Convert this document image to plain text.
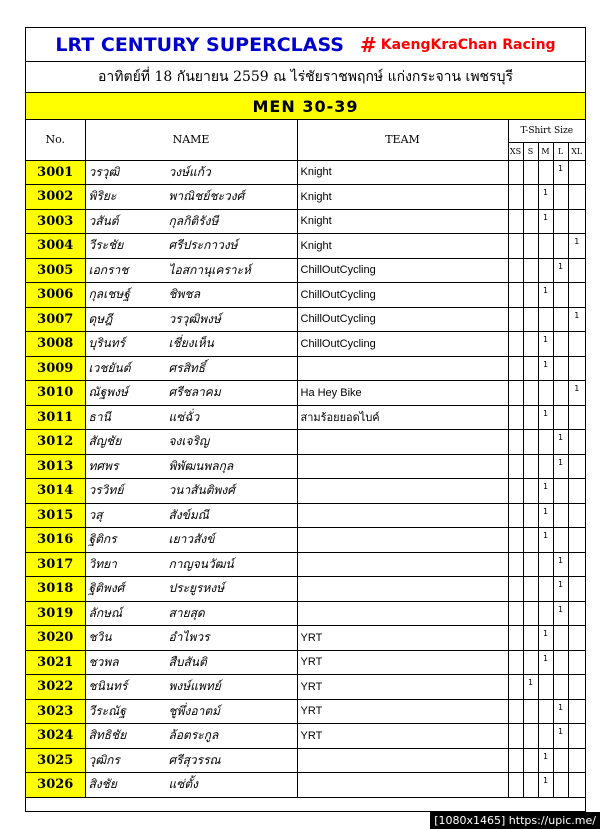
LRT CENTURY SUPERCLASS # KaengKraChan Racing
อาทิตย์ที่ 18 กันยายน 2559 ณ ไร่ชัยราชพฤกษ์ แก่งกระจาน เพชรบุรี
MEN 30-39
No.	NAME	TEAM	T-Shirt Size				
			XS	S	M	L	XL
3001	วรวุฒิ วงษ์แก้ว	Knight				1	
3002	พิริยะ พาณิชย์ชะวงศ์	Knight			1		
3003	วสันต์ กุลกิติรังษี	Knight			1		
3004	วีระชัย ศรีประกาวงษ์	Knight					1
3005	เอกราช ไอสกานุเคราะห์	ChillOutCycling				1	
3006	กุลเชษฐ์ ชิพชล	ChillOutCycling			1		
3007	ดุษฎี วรวุฒิพงษ์	ChillOutCycling					1
3008	บุรินทร์ เชี่ยงเห็น	ChillOutCycling			1		
3009	เวชยันต์ ศรสิทธิ์				1		
3010	ณัฐพงษ์ ศรีชลาคม	Ha Hey Bike					1
3011	ธานี แซ่ฉั่ว	สามร้อยยอดไบค์			1		
3012	สัญชัย จงเจริญ					1	
3013	ทศพร พิพัฒนพลกุล					1	
3014	วรวิทย์ วนาสันติพงศ์				1		
3015	วสุ สังข์มณี				1		
3016	ฐิติกร เยาวสังข์				1		
3017	วิทยา กาญจนวัฒน์					1	
3018	ฐิติพงศ์ ประยูรหงษ์					1	
3019	ลักษณ์ สายสุด					1	
3020	ชวิน อำไพวร	YRT			1		
3021	ชวพล สืบสันติ	YRT			1		
3022	ชนินทร์ พงษ์แพทย์	YRT		1			
3023	วีระณัฐ ชูพึ่งอาตม์	YRT				1	
3024	สิทธิชัย ล้อตระกูล	YRT				1	
3025	วุฒิกร ศรีสุวรรณ				1		
3026	สิงชัย แซ่ตั้ง				1		
[1080x1465] https://upic.me/
